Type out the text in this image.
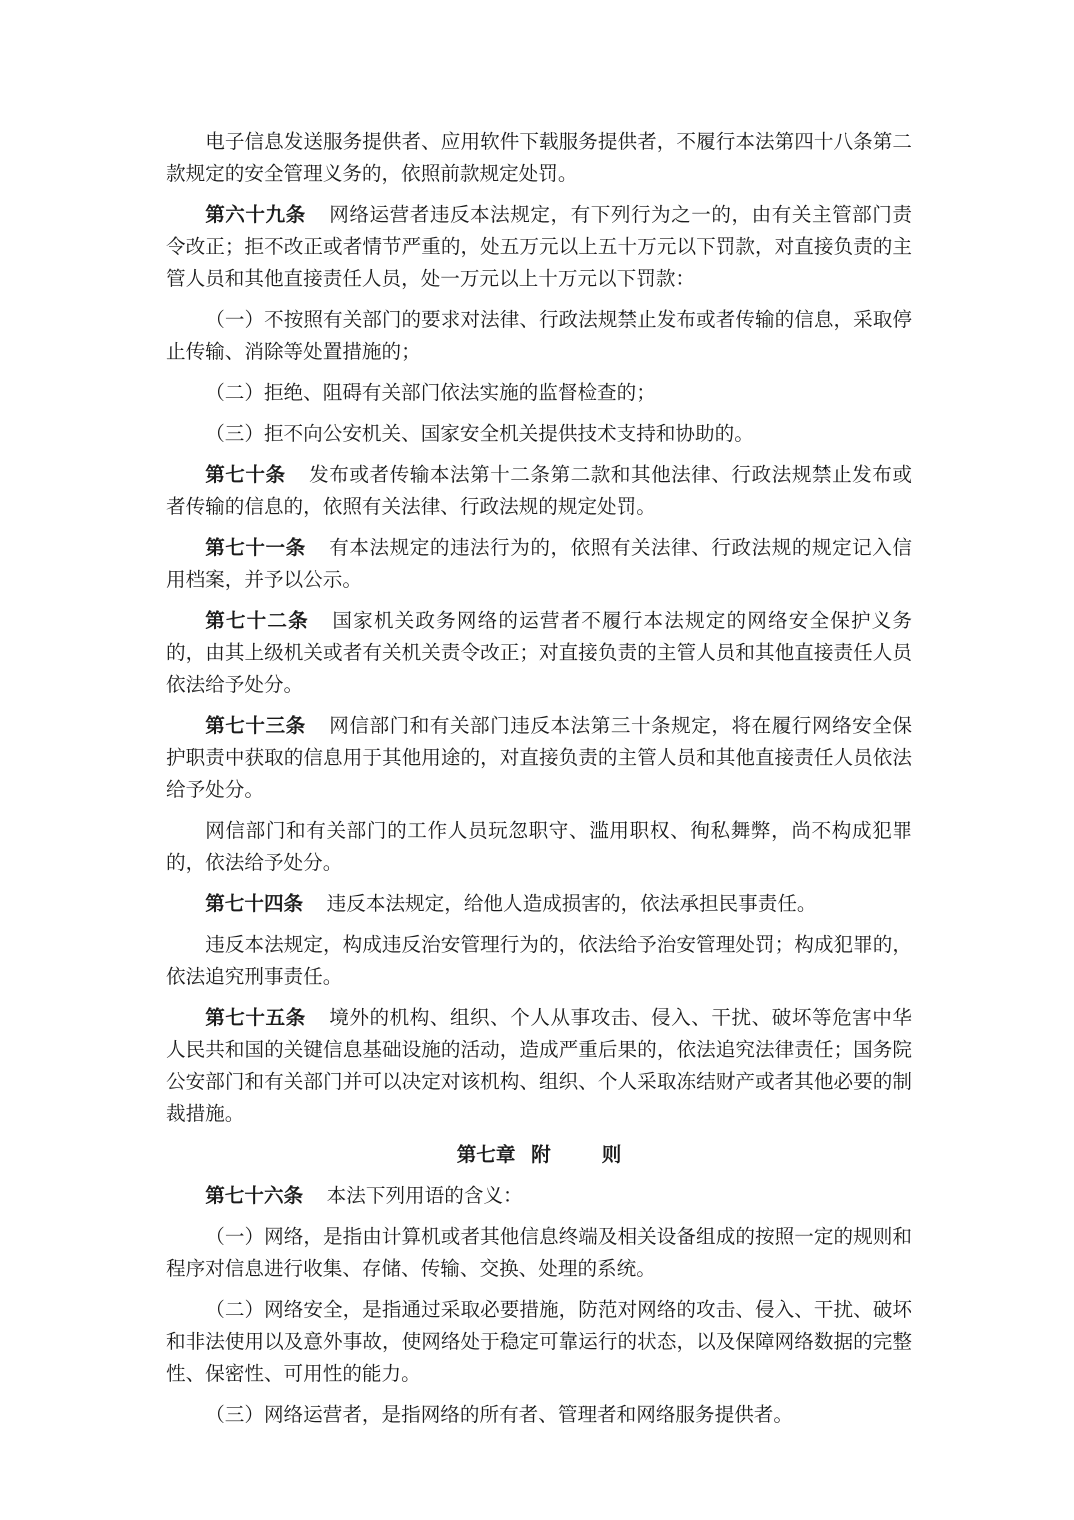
电子信息发送服务提供者、应用软件下载服务提供者，不履行本法第四十八条第二款规定的安全管理义务的，依照前款规定处罚。

第六十九条 网络运营者违反本法规定，有下列行为之一的，由有关主管部门责令改正；拒不改正或者情节严重的，处五万元以上五十万元以下罚款，对直接负责的主管人员和其他直接责任人员，处一万元以上十万元以下罚款：

（一）不按照有关部门的要求对法律、行政法规禁止发布或者传输的信息，采取停止传输、消除等处置措施的；

（二）拒绝、阻碍有关部门依法实施的监督检查的；

（三）拒不向公安机关、国家安全机关提供技术支持和协助的。

第七十条 发布或者传输本法第十二条第二款和其他法律、行政法规禁止发布或者传输的信息的，依照有关法律、行政法规的规定处罚。

第七十一条 有本法规定的违法行为的，依照有关法律、行政法规的规定记入信用档案，并予以公示。

第七十二条 国家机关政务网络的运营者不履行本法规定的网络安全保护义务的，由其上级机关或者有关机关责令改正；对直接负责的主管人员和其他直接责任人员依法给予处分。

第七十三条 网信部门和有关部门违反本法第三十条规定，将在履行网络安全保护职责中获取的信息用于其他用途的，对直接负责的主管人员和其他直接责任人员依法给予处分。

网信部门和有关部门的工作人员玩忽职守、滥用职权、徇私舞弊，尚不构成犯罪的，依法给予处分。

第七十四条 违反本法规定，给他人造成损害的，依法承担民事责任。

违反本法规定，构成违反治安管理行为的，依法给予治安管理处罚；构成犯罪的，依法追究刑事责任。

第七十五条 境外的机构、组织、个人从事攻击、侵入、干扰、破坏等危害中华人民共和国的关键信息基础设施的活动，造成严重后果的，依法追究法律责任；国务院公安部门和有关部门并可以决定对该机构、组织、个人采取冻结财产或者其他必要的制裁措施。

第七章 附	则

第七十六条 本法下列用语的含义：

（一）网络，是指由计算机或者其他信息终端及相关设备组成的按照一定的规则和程序对信息进行收集、存储、传输、交换、处理的系统。

（二）网络安全，是指通过采取必要措施，防范对网络的攻击、侵入、干扰、破坏和非法使用以及意外事故，使网络处于稳定可靠运行的状态，以及保障网络数据的完整性、保密性、可用性的能力。

（三）网络运营者，是指网络的所有者、管理者和网络服务提供者。
